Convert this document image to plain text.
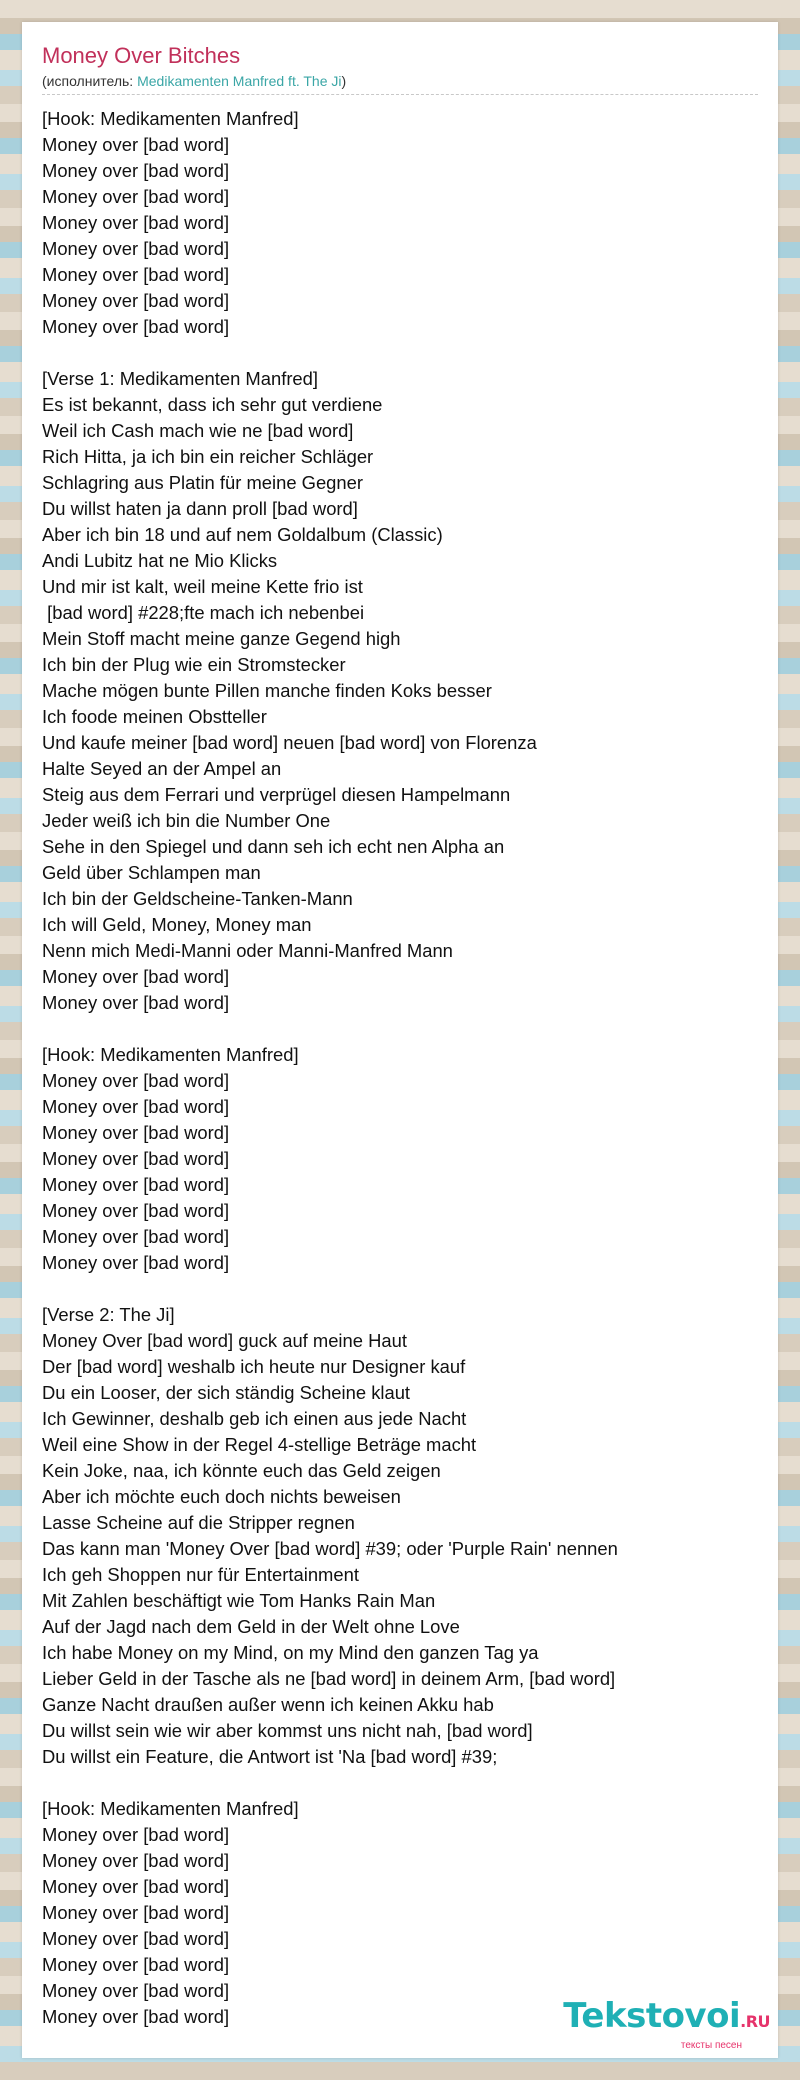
Money Over Bitches
(исполнитель: Medikamenten Manfred ft. The Ji)
[Hook: Medikamenten Manfred]
Money over [bad word]
Money over [bad word]
Money over [bad word]
Money over [bad word]
Money over [bad word]
Money over [bad word]
Money over [bad word]
Money over [bad word]

[Verse 1: Medikamenten Manfred]
Es ist bekannt, dass ich sehr gut verdiene
Weil ich Cash mach wie ne [bad word]
Rich Hitta, ja ich bin ein reicher Schläger
Schlagring aus Platin für meine Gegner
Du willst haten ja dann proll [bad word]
Aber ich bin 18 und auf nem Goldalbum (Classic)
Andi Lubitz hat ne Mio Klicks
Und mir ist kalt, weil meine Kette frio ist
[bad word] #228;fte mach ich nebenbei
Mein Stoff macht meine ganze Gegend high
Ich bin der Plug wie ein Stromstecker
Mache mögen bunte Pillen manche finden Koks besser
Ich foode meinen Obstteller
Und kaufe meiner [bad word] neuen [bad word] von Florenza
Halte Seyed an der Ampel an
Steig aus dem Ferrari und verprügel diesen Hampelmann
Jeder weiß ich bin die Number One
Sehe in den Spiegel und dann seh ich echt nen Alpha an
Geld über Schlampen man
Ich bin der Geldscheine-Tanken-Mann
Ich will Geld, Money, Money man
Nenn mich Medi-Manni oder Manni-Manfred Mann
Money over [bad word]
Money over [bad word]

[Hook: Medikamenten Manfred]
Money over [bad word]
Money over [bad word]
Money over [bad word]
Money over [bad word]
Money over [bad word]
Money over [bad word]
Money over [bad word]
Money over [bad word]

[Verse 2: The Ji]
Money Over [bad word] guck auf meine Haut
Der [bad word] weshalb ich heute nur Designer kauf
Du ein Looser, der sich ständig Scheine klaut
Ich Gewinner, deshalb geb ich einen aus jede Nacht
Weil eine Show in der Regel 4-stellige Beträge macht
Kein Joke, naa, ich könnte euch das Geld zeigen
Aber ich möchte euch doch nichts beweisen
Lasse Scheine auf die Stripper regnen
Das kann man 'Money Over [bad word] #39; oder 'Purple Rain' nennen
Ich geh Shoppen nur für Entertainment
Mit Zahlen beschäftigt wie Tom Hanks Rain Man
Auf der Jagd nach dem Geld in der Welt ohne Love
Ich habe Money on my Mind, on my Mind den ganzen Tag ya
Lieber Geld in der Tasche als ne [bad word] in deinem Arm, [bad word]
Ganze Nacht draußen außer wenn ich keinen Akku hab
Du willst sein wie wir aber kommst uns nicht nah, [bad word]
Du willst ein Feature, die Antwort ist 'Na [bad word] #39;

[Hook: Medikamenten Manfred]
Money over [bad word]
Money over [bad word]
Money over [bad word]
Money over [bad word]
Money over [bad word]
Money over [bad word]
Money over [bad word]
Money over [bad word]	Tekstovoi.RU
тексты песен
